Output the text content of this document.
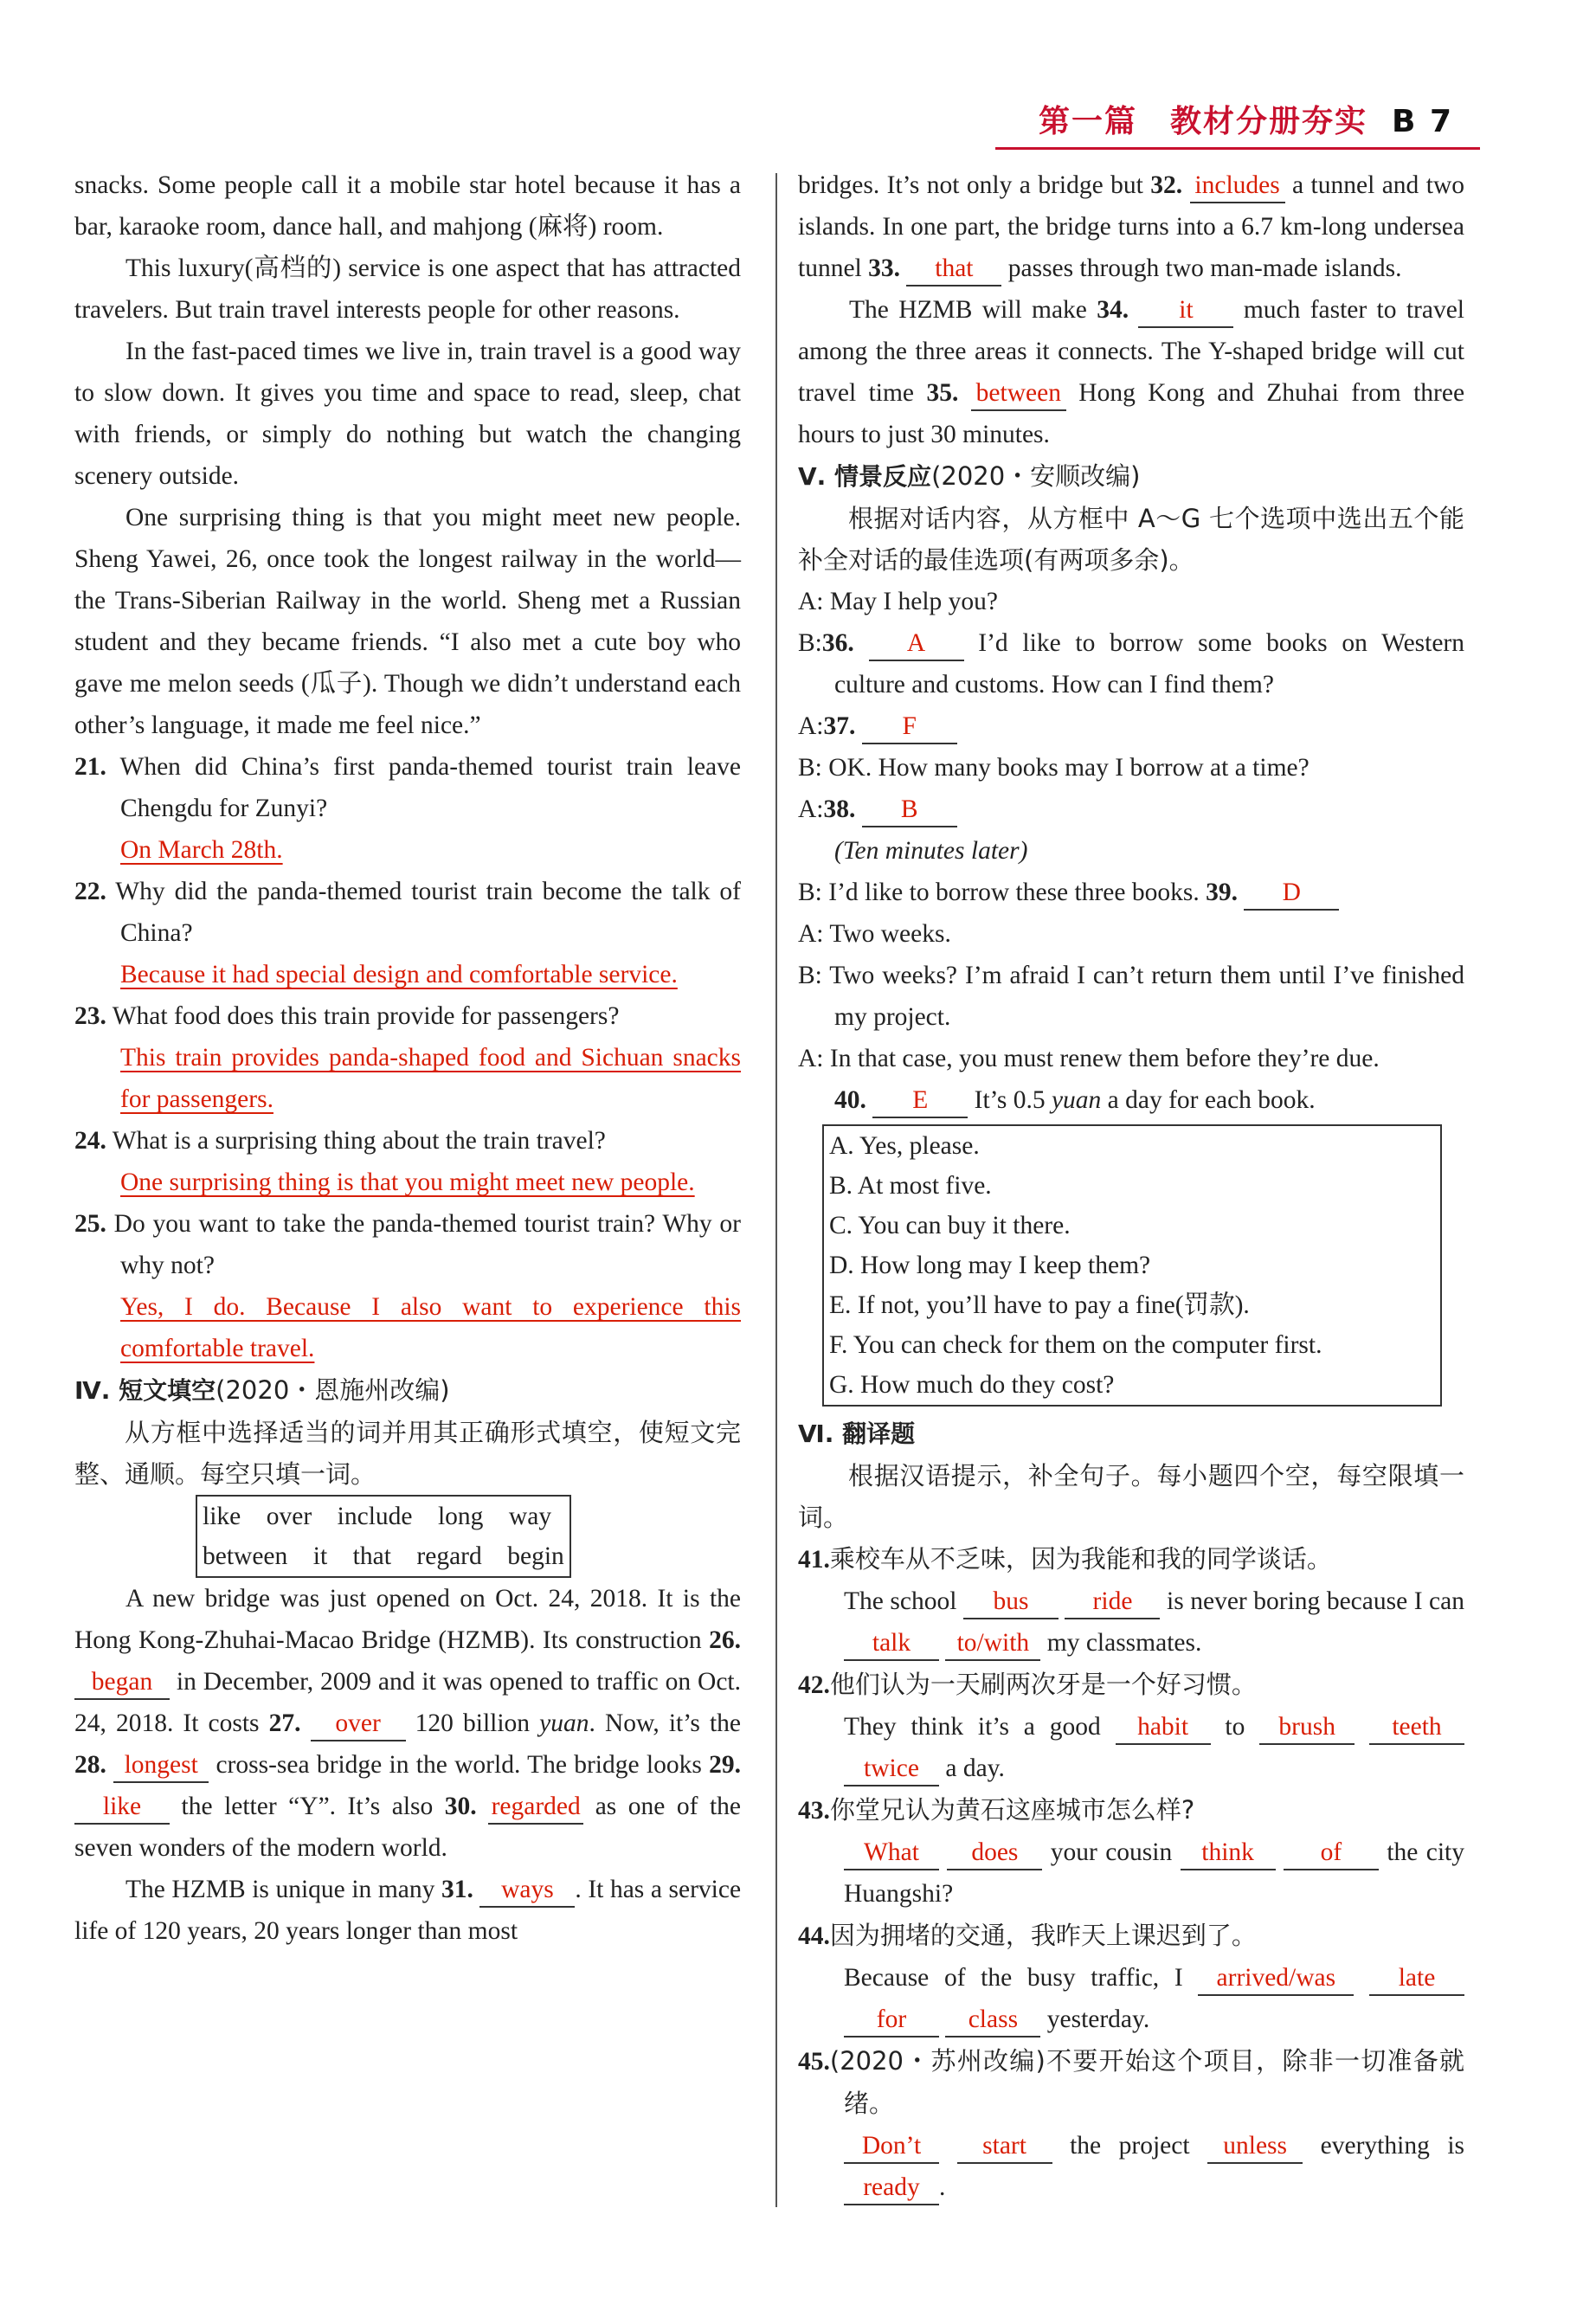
第一篇　教材分册夯实 B 7

snacks. Some people call it a mobile star hotel because it has a bar, karaoke room, dance hall, and mahjong (麻将) room.

This luxury(高档的) service is one aspect that has attracted travelers. But train travel interests people for other reasons.

In the fast-paced times we live in, train travel is a good way to slow down. It gives you time and space to read, sleep, chat with friends, or simply do nothing but watch the changing scenery outside.

One surprising thing is that you might meet new people. Sheng Yawei, 26, once took the longest railway in the world—the Trans-Siberian Railway in the world. Sheng met a Russian student and they became friends. “I also met a cute boy who gave me melon seeds (瓜子). Though we didn’t understand each other’s language, it made me feel nice.”

21. When did China’s first panda-themed tourist train leave Chengdu for Zunyi?

On March 28th.

22. Why did the panda-themed tourist train become the talk of China?

Because it had special design and comfortable service.

23. What food does this train provide for passengers?

This train provides panda-shaped food and Sichuan snacks for passengers.

24. What is a surprising thing about the train travel?

One surprising thing is that you might meet new people.

25. Do you want to take the panda-themed tourist train? Why or why not?

Yes, I do. Because I also want to experience this comfortable travel.

Ⅳ. 短文填空(2020・恩施州改编)

从方框中选择适当的词并用其正确形式填空，使短文完整、通顺。每空只填一词。

like　over　include　long　way
between　it　that　regard　begin

A new bridge was just opened on Oct. 24, 2018. It is the Hong Kong-Zhuhai-Macao Bridge (HZMB). Its construction 26. began in December, 2009 and it was opened to traffic on Oct. 24, 2018. It costs 27. over 120 billion yuan. Now, it’s the 28. longest cross-sea bridge in the world. The bridge looks 29. like the letter “Y”. It’s also 30. regarded as one of the seven wonders of the modern world.

The HZMB is unique in many 31. ways . It has a service life of 120 years, 20 years longer than most

bridges. It’s not only a bridge but 32. includes a tunnel and two islands. In one part, the bridge turns into a 6.7 km-long undersea tunnel 33. that passes through two man-made islands.

The HZMB will make 34. it much faster to travel among the three areas it connects. The Y-shaped bridge will cut travel time 35. between Hong Kong and Zhuhai from three hours to just 30 minutes.

Ⅴ. 情景反应(2020・安顺改编)

根据对话内容，从方框中 A～G 七个选项中选出五个能补全对话的最佳选项(有两项多余)。

A: May I help you?

B:36. A I’d like to borrow some books on Western culture and customs. How can I find them?

A:37. F

B: OK. How many books may I borrow at a time?

A:38. B

(Ten minutes later)

B: I’d like to borrow these three books. 39. D

A: Two weeks.

B: Two weeks? I’m afraid I can’t return them until I’ve finished my project.

A: In that case, you must renew them before they’re due.

40. E It’s 0.5 yuan a day for each book.

A. Yes, please.
B. At most five.
C. You can buy it there.
D. How long may I keep them?
E. If not, you’ll have to pay a fine(罚款).
F. You can check for them on the computer first.
G. How much do they cost?

Ⅵ. 翻译题

根据汉语提示，补全句子。每小题四个空，每空限填一词。

41.乘校车从不乏味，因为我能和我的同学谈话。

The school bus	ride is never boring because I can talk to/with my classmates.

42.他们认为一天刷两次牙是一个好习惯。

They think it’s a good habit to brush teeth twice a day.

43.你堂兄认为黄石这座城市怎么样?

What does your cousin think	of the city Huangshi?

44.因为拥堵的交通，我昨天上课迟到了。

Because of the busy traffic, I arrived/was late for class yesterday.

45.(2020・苏州改编)不要开始这个项目，除非一切准备就绪。

Don’t start the project unless everything is ready .
